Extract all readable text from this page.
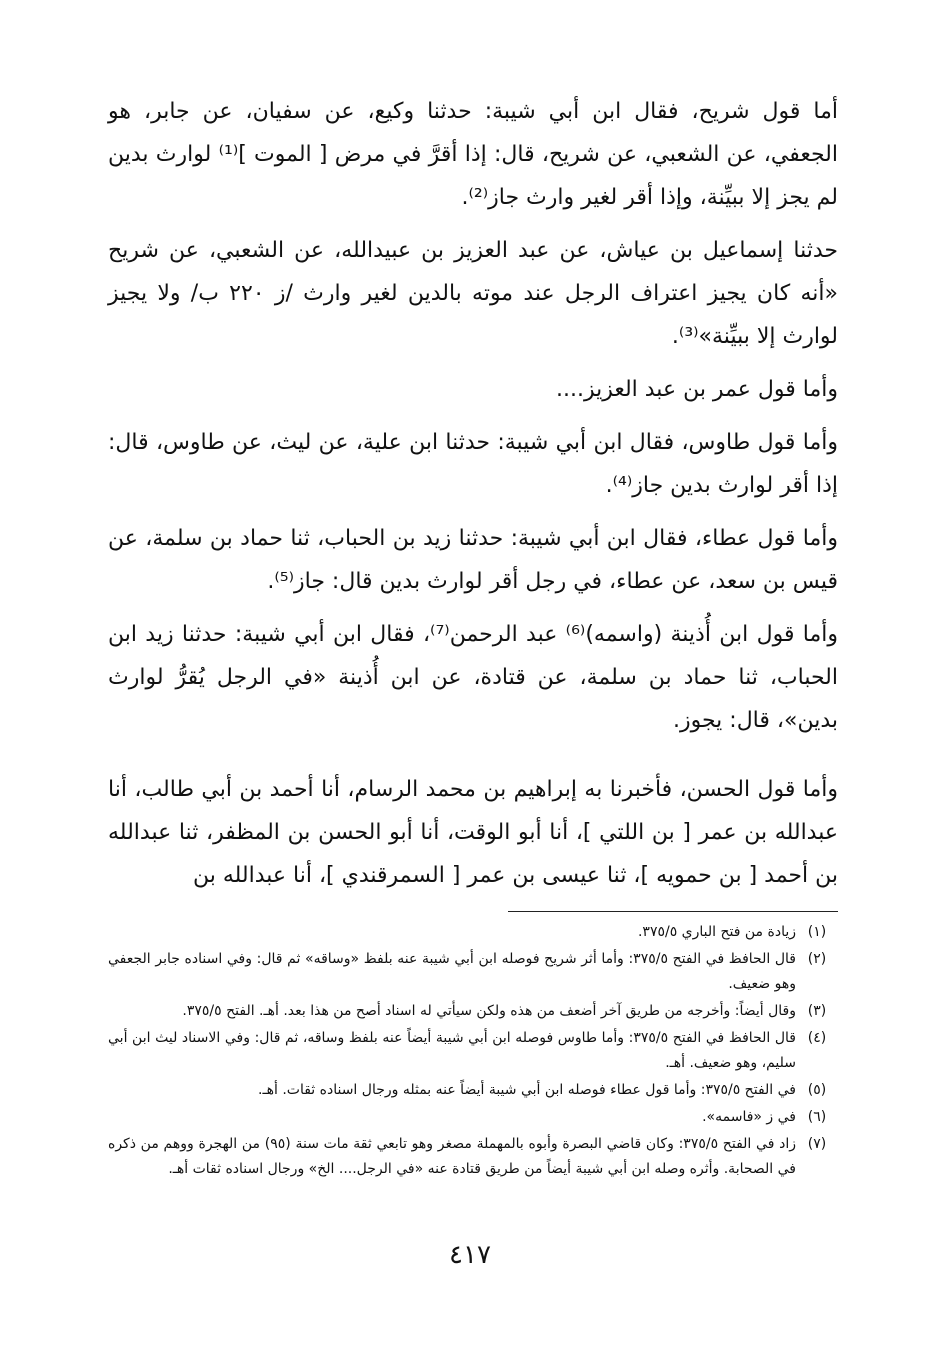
أما قول شريح، فقال ابن أبي شيبة: حدثنا وكيع، عن سفيان، عن جابر، هو الجعفي، عن الشعبي، عن شريح، قال: إذا أقرَّ في مرض [ الموت ]⁽¹⁾ لوارث بدين لم يجز إلا ببيِّنة، وإذا أقر لغير وارث جاز⁽²⁾.

حدثنا إسماعيل بن عياش، عن عبد العزيز بن عبيدالله، عن الشعبي، عن شريح «أنه كان يجيز اعتراف الرجل عند موته بالدين لغير وارث /ز ٢٢٠ ب/ ولا يجيز لوارث إلا ببيِّنة»⁽³⁾.

وأما قول عمر بن عبد العزيز....

وأما قول طاوس، فقال ابن أبي شيبة: حدثنا ابن علية، عن ليث، عن طاوس، قال: إذا أقر لوارث بدين جاز⁽⁴⁾.

وأما قول عطاء، فقال ابن أبي شيبة: حدثنا زيد بن الحباب، ثنا حماد بن سلمة، عن قيس بن سعد، عن عطاء، في رجل أقر لوارث بدين قال: جاز⁽⁵⁾.

وأما قول ابن أُذينة (واسمه)⁽⁶⁾ عبد الرحمن⁽⁷⁾، فقال ابن أبي شيبة: حدثنا زيد ابن الحباب، ثنا حماد بن سلمة، عن قتادة، عن ابن أُذينة «في الرجل يُقرُّ لوارث بدين»، قال: يجوز.

وأما قول الحسن، فأخبرنا به إبراهيم بن محمد الرسام، أنا أحمد بن أبي طالب، أنا عبدالله بن عمر [ بن اللتي ]، أنا أبو الوقت، أنا أبو الحسن بن المظفر، ثنا عبدالله بن أحمد [ بن حمويه ]، ثنا عيسى بن عمر [ السمرقندي ]، أنا عبدالله بن

(١)
زيادة من فتح الباري ٣٧٥/٥.
(٢)
قال الحافظ في الفتح ٣٧٥/٥: وأما أثر شريح فوصله ابن أبي شيبة عنه بلفظ «وساقه» ثم قال: وفي اسناده جابر الجعفي وهو ضعيف.
(٣)
وقال أيضاً: وأخرجه من طريق آخر أضعف من هذه ولكن سيأتي له اسناد أصح من هذا بعد. أهـ. الفتح ٣٧٥/٥.
(٤)
قال الحافظ في الفتح ٣٧٥/٥: وأما طاوس فوصله ابن أبي شيبة أيضاً عنه بلفظ وساقه، ثم قال: وفي الاسناد ليث ابن أبي سليم، وهو ضعيف. أهـ.
(٥)
في الفتح ٣٧٥/٥: وأما قول عطاء فوصله ابن أبي شيبة أيضاً عنه بمثله ورجال اسناده ثقات. أهـ.
(٦)
في ز «فاسمه».
(٧)
زاد في الفتح ٣٧٥/٥: وكان قاضي البصرة وأبوه بالمهملة مصغر وهو تابعي ثقة مات سنة (٩٥) من الهجرة ووهم من ذكره في الصحابة. وأثره وصله ابن أبي شيبة أيضاً من طريق قتادة عنه «في الرجل.... الخ» ورجال اسناده ثقات أهـ.
٤١٧
